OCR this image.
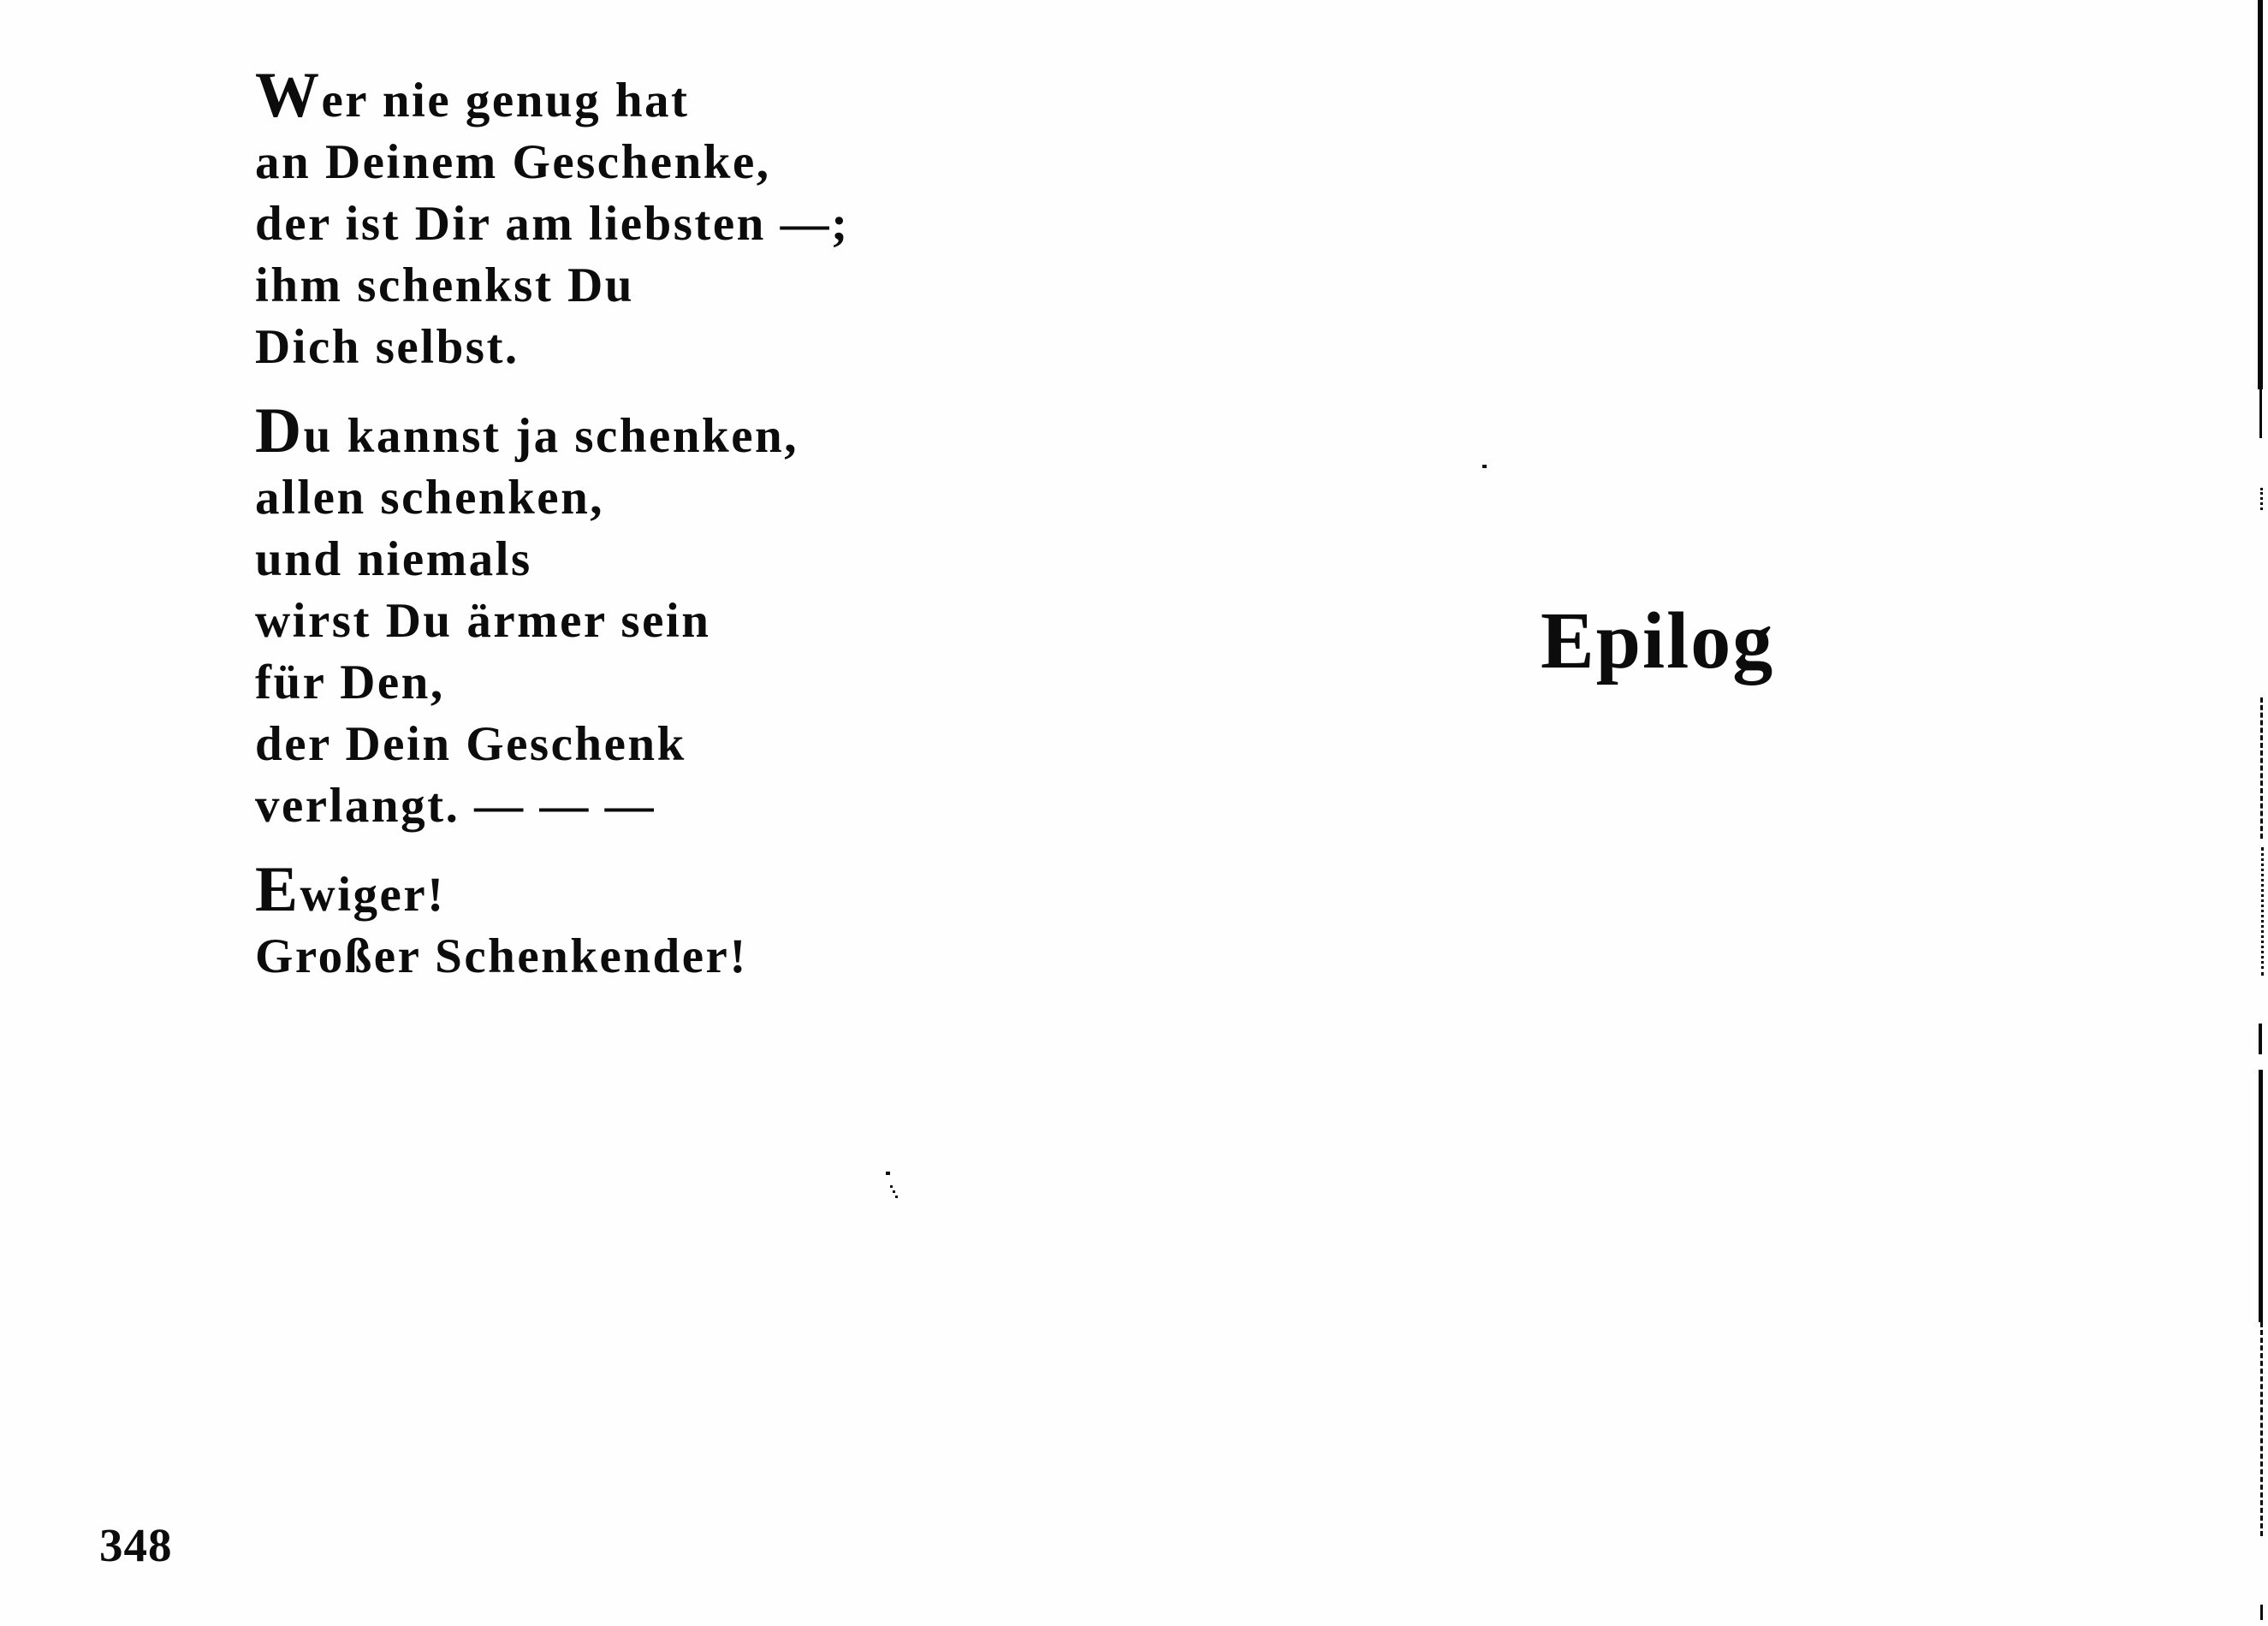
Wer nie genug hat
an Deinem Geschenke,
der ist Dir am liebsten —;
ihm schenkst Du
Dich selbst.
Du kannst ja schenken,
allen schenken,
und niemals
wirst Du ärmer sein
für Den,
der Dein Geschenk
verlangt. — — —
Ewiger!
Großer Schenkender!
Epilog
348
